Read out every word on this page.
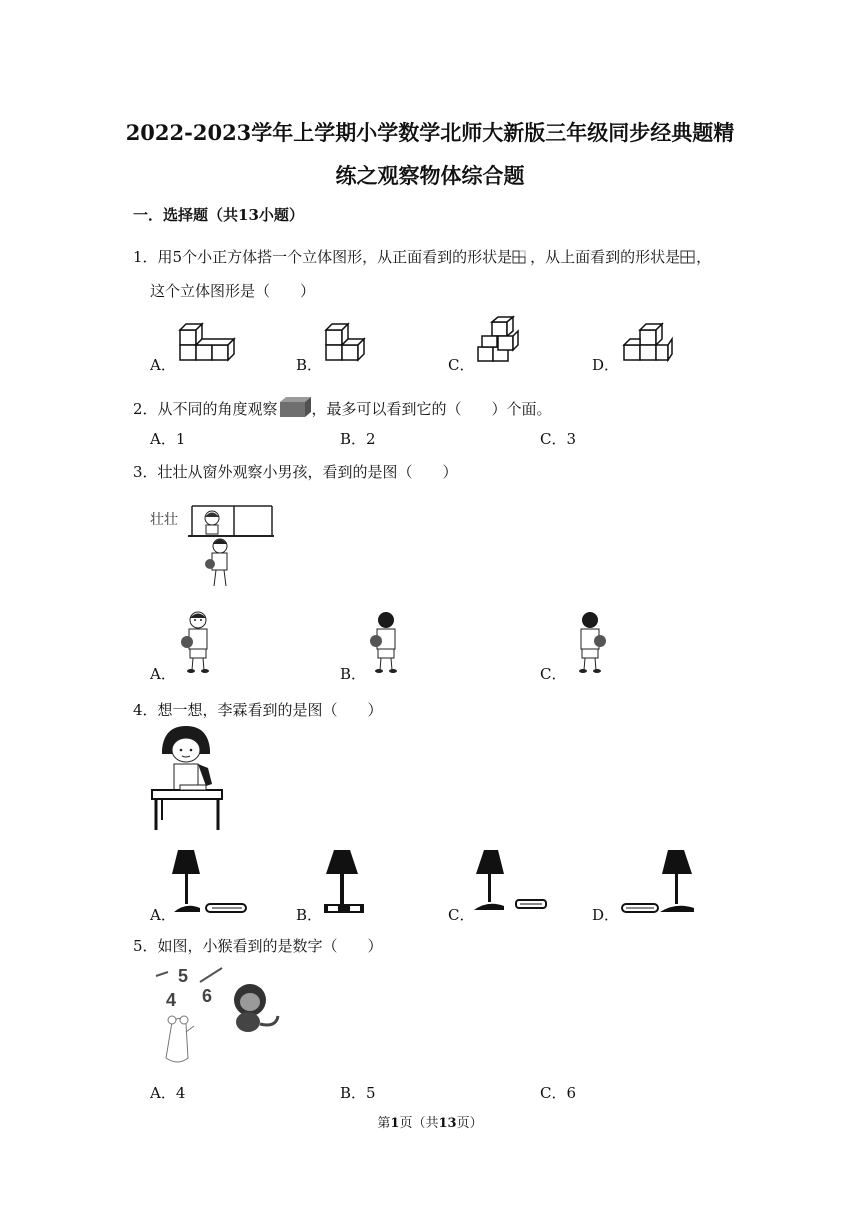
2022-2023学年上学期小学数学北师大新版三年级同步经典题精
练之观察物体综合题
一．选择题（共13小题）
1．用5个小正方体搭一个立体图形，从正面看到的形状是 ，从上面看到的形状是 ，
这个立体图形是（　　）
A．	B．	C．	D．
2．从不同的角度观察 ，最多可以看到它的（　　）个面。
A．1	B．2	C．3
3．壮壮从窗外观察小男孩，看到的是图（　　）
壮壮
A．	B．	C．
4．想一想，李霖看到的是图（　　）
A．	B．	C．	D．
5．如图，小猴看到的是数字（　　）
5
4 6
A．4	B．5	C．6
第1页（共13页）
